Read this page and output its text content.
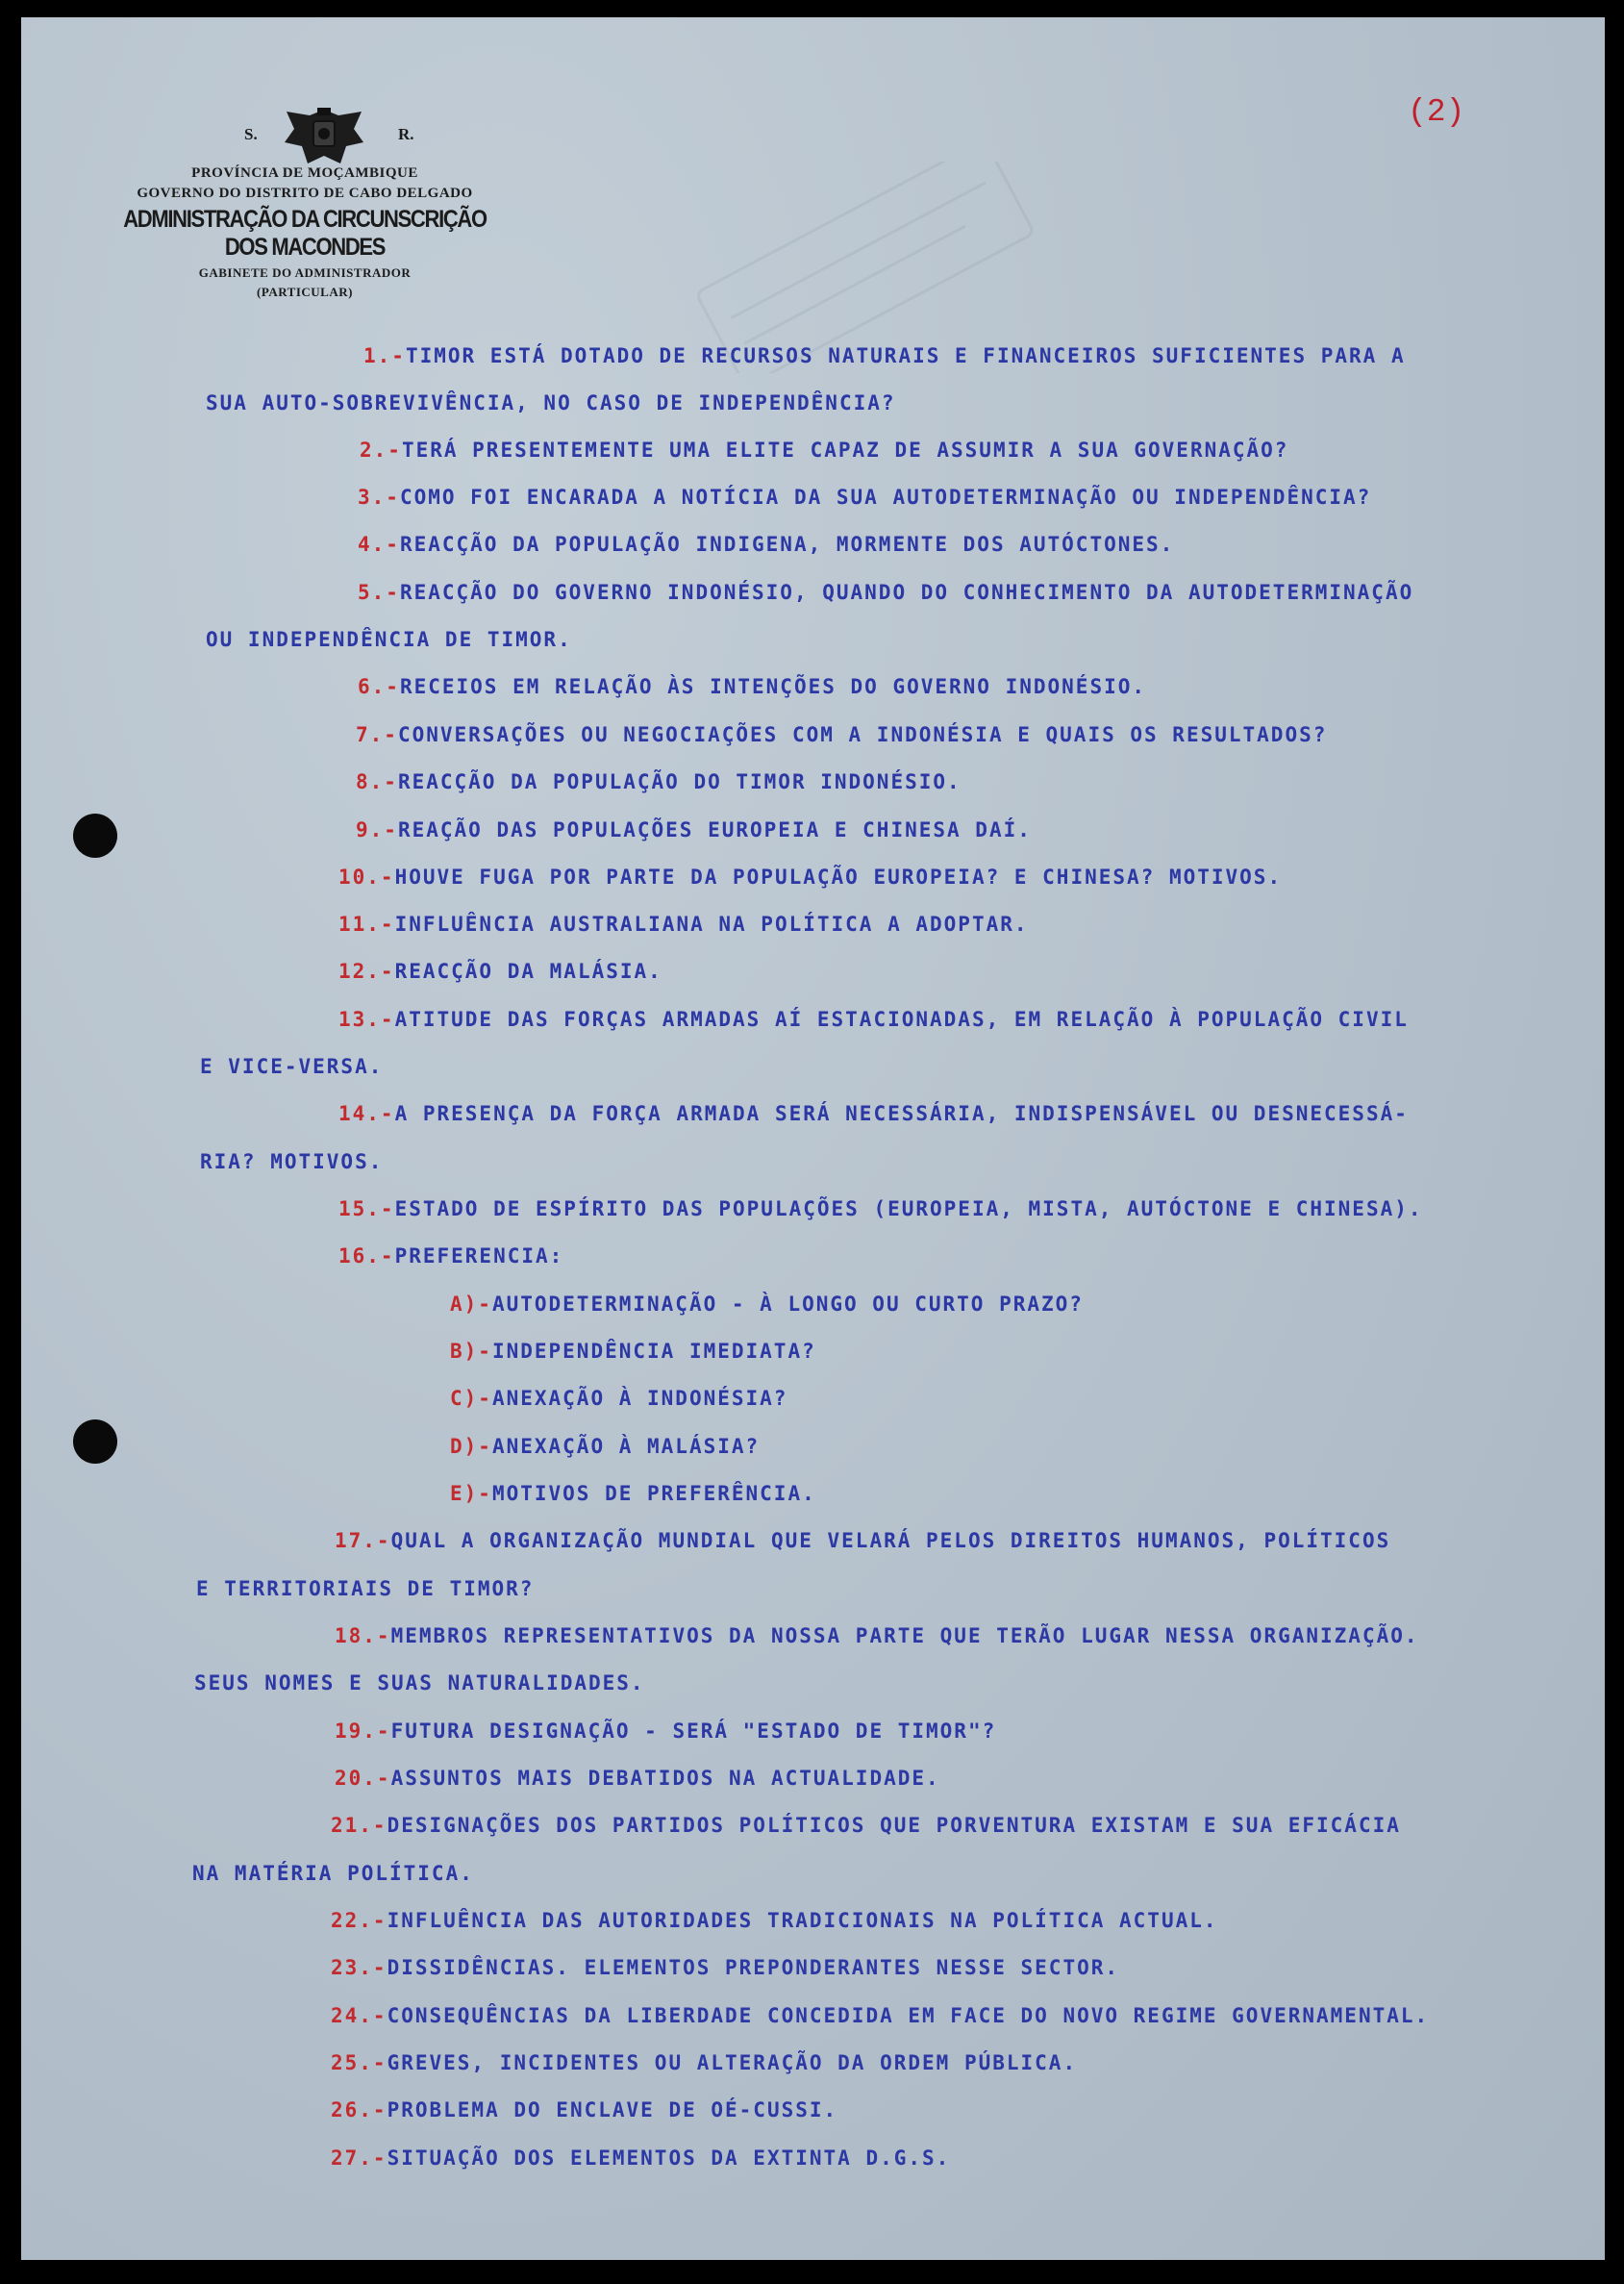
S.	R.
PROVÍNCIA DE MOÇAMBIQUE
GOVERNO DO DISTRITO DE CABO DELGADO
ADMINISTRAÇÃO DA CIRCUNSCRIÇÃO DOS MACONDES
GABINETE DO ADMINISTRADOR
(PARTICULAR)
(2)
1.-TIMOR ESTÁ DOTADO DE RECURSOS NATURAIS E FINANCEIROS SUFICIENTES PARA A
SUA AUTO-SOBREVIVÊNCIA, NO CASO DE INDEPENDÊNCIA?
2.-TERÁ PRESENTEMENTE UMA ELITE CAPAZ DE ASSUMIR A SUA GOVERNAÇÃO?
3.-COMO FOI ENCARADA A NOTÍCIA DA SUA AUTODETERMINAÇÃO OU INDEPENDÊNCIA?
4.-REACÇÃO DA POPULAÇÃO INDIGENA, MORMENTE DOS AUTÓCTONES.
5.-REACÇÃO DO GOVERNO INDONÉSIO, QUANDO DO CONHECIMENTO DA AUTODETERMINAÇÃO
OU INDEPENDÊNCIA DE TIMOR.
6.-RECEIOS EM RELAÇÃO ÀS INTENÇÕES DO GOVERNO INDONÉSIO.
7.-CONVERSAÇÕES OU NEGOCIAÇÕES COM A INDONÉSIA E QUAIS OS RESULTADOS?
8.-REACÇÃO DA POPULAÇÃO DO TIMOR INDONÉSIO.
9.-REAÇÃO DAS POPULAÇÕES EUROPEIA E CHINESA DAÍ.
10.-HOUVE FUGA POR PARTE DA POPULAÇÃO EUROPEIA? E CHINESA? MOTIVOS.
11.-INFLUÊNCIA AUSTRALIANA NA POLÍTICA A ADOPTAR.
12.-REACÇÃO DA MALÁSIA.
13.-ATITUDE DAS FORÇAS ARMADAS AÍ ESTACIONADAS, EM RELAÇÃO À POPULAÇÃO CIVIL
E VICE-VERSA.
14.-A PRESENÇA DA FORÇA ARMADA SERÁ NECESSÁRIA, INDISPENSÁVEL OU DESNECESSÁ-
RIA? MOTIVOS.
15.-ESTADO DE ESPÍRITO DAS POPULAÇÕES (EUROPEIA, MISTA, AUTÓCTONE E CHINESA).
16.-PREFERENCIA:
A)-AUTODETERMINAÇÃO - À LONGO OU CURTO PRAZO?
B)-INDEPENDÊNCIA IMEDIATA?
C)-ANEXAÇÃO À INDONÉSIA?
D)-ANEXAÇÃO À MALÁSIA?
E)-MOTIVOS DE PREFERÊNCIA.
17.-QUAL A ORGANIZAÇÃO MUNDIAL QUE VELARÁ PELOS DIREITOS HUMANOS, POLÍTICOS
E TERRITORIAIS DE TIMOR?
18.-MEMBROS REPRESENTATIVOS DA NOSSA PARTE QUE TERÃO LUGAR NESSA ORGANIZAÇÃO.
SEUS NOMES E SUAS NATURALIDADES.
19.-FUTURA DESIGNAÇÃO - SERÁ "ESTADO DE TIMOR"?
20.-ASSUNTOS MAIS DEBATIDOS NA ACTUALIDADE.
21.-DESIGNAÇÕES DOS PARTIDOS POLÍTICOS QUE PORVENTURA EXISTAM E SUA EFICÁCIA
NA MATÉRIA POLÍTICA.
22.-INFLUÊNCIA DAS AUTORIDADES TRADICIONAIS NA POLÍTICA ACTUAL.
23.-DISSIDÊNCIAS. ELEMENTOS PREPONDERANTES NESSE SECTOR.
24.-CONSEQUÊNCIAS DA LIBERDADE CONCEDIDA EM FACE DO NOVO REGIME GOVERNAMENTAL.
25.-GREVES, INCIDENTES OU ALTERAÇÃO DA ORDEM PÚBLICA.
26.-PROBLEMA DO ENCLAVE DE OÉ-CUSSI.
27.-SITUAÇÃO DOS ELEMENTOS DA EXTINTA D.G.S.
